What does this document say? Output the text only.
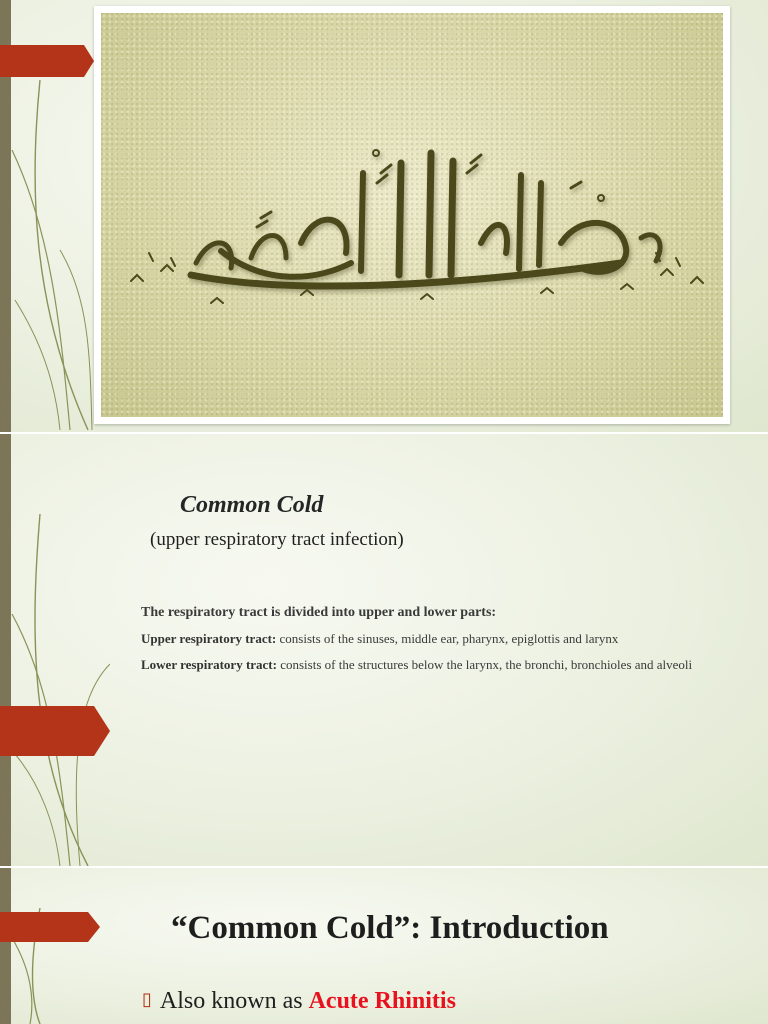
Common Cold

(upper respiratory tract infection)

The respiratory tract is divided into upper and lower parts:

Upper respiratory tract: consists of the sinuses, middle ear, pharynx, epiglottis and larynx

Lower respiratory tract: consists of the structures below the larynx, the bronchi, bronchioles and alveoli

“Common Cold”: Introduction
▯ Also known as Acute Rhinitis
